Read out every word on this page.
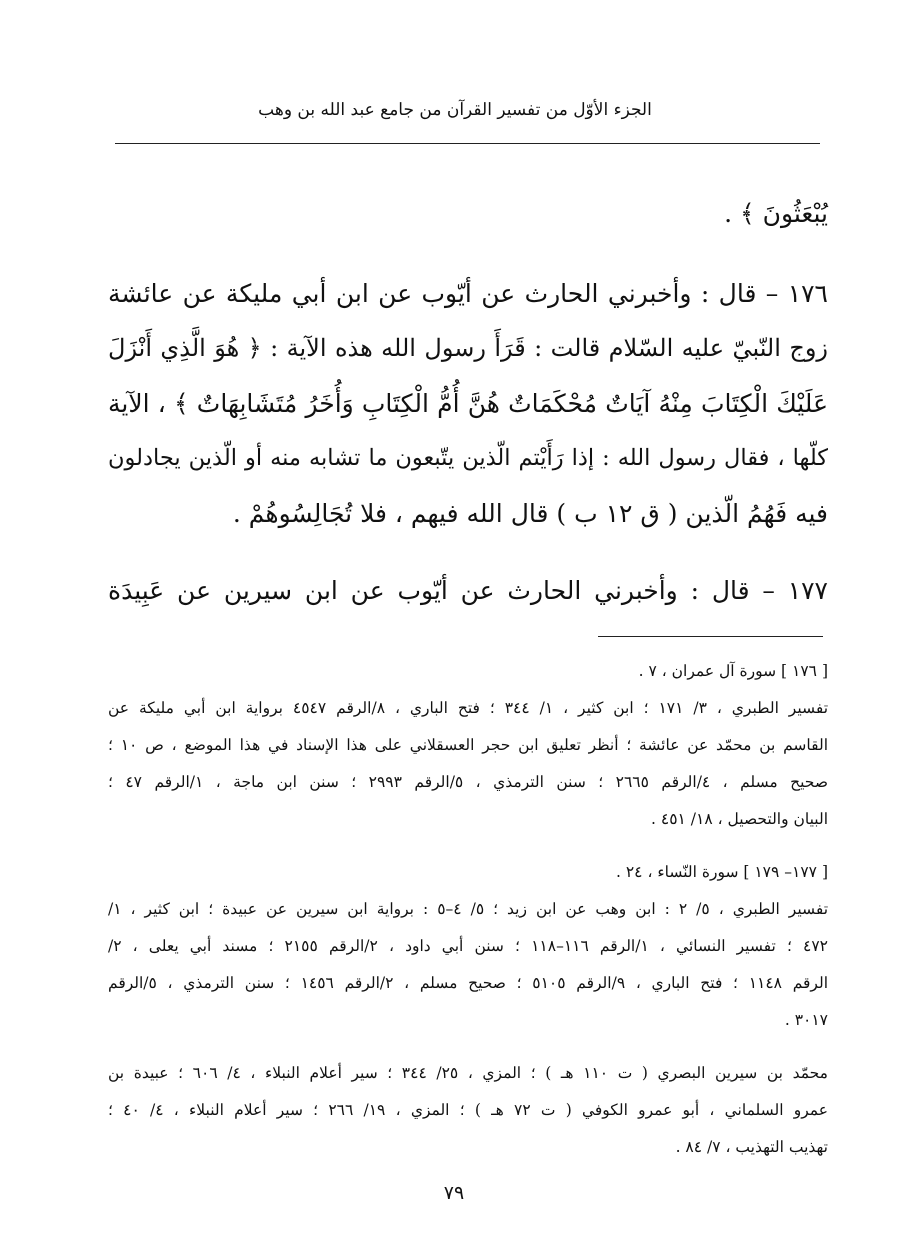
الجزء الأوّل من تفسير القرآن من جامع عبد الله بن وهب
يُبْعَثُونَ ﴾ .
١٧٦ – قال : وأخبرني الحارث عن أيّوب عن ابن أبي مليكة عن عائشة
زوج النّبيّ عليه السّلام قالت : قَرَأَ رسول الله هذه الآية : ﴿ هُوَ الَّذِي أَنْزَلَ
عَلَيْكَ الْكِتَابَ مِنْهُ آيَاتٌ مُحْكَمَاتٌ هُنَّ أُمُّ الْكِتَابِ وَأُخَرُ مُتَشَابِهَاتٌ ﴾ ، الآية
كلّها ، فقال رسول الله : إذا رَأَيْتم الّذين يتّبعون ما تشابه منه أو الّذين يجادلون
فيه فَهُمُ الّذين ( ق ١٢ ب ) قال الله فيهم ، فلا تُجَالِسُوهُمْ .
١٧٧ – قال : وأخبرني الحارث عن أيّوب عن ابن سيرين عن عَبِيدَة
[ ١٧٦ ] سورة آل عمران ، ٧ .
تفسير الطبري ، ٣/ ١٧١ ؛ ابن كثير ، ١/ ٣٤٤ ؛ فتح الباري ، ٨/الرقم ٤٥٤٧ برواية ابن أبي مليكة عن
القاسم بن محمّد عن عائشة ؛ أنظر تعليق ابن حجر العسقلاني على هذا الإسناد في هذا الموضع ، ص ١٠ ؛
صحيح مسلم ، ٤/الرقم ٢٦٦٥ ؛ سنن الترمذي ، ٥/الرقم ٢٩٩٣ ؛ سنن ابن ماجة ، ١/الرقم ٤٧ ؛
البيان والتحصيل ، ١٨/ ٤٥١ .
[ ١٧٧– ١٧٩ ] سورة النّساء ، ٢٤ .
تفسير الطبري ، ٥/ ٢ : ابن وهب عن ابن زيد ؛ ٥/ ٤–٥ : برواية ابن سيرين عن عبيدة ؛ ابن كثير ، ١/
٤٧٢ ؛ تفسير النسائي ، ١/الرقم ١١٦–١١٨ ؛ سنن أبي داود ، ٢/الرقم ٢١٥٥ ؛ مسند أبي يعلى ، ٢/
الرقم ١١٤٨ ؛ فتح الباري ، ٩/الرقم ٥١٠٥ ؛ صحيح مسلم ، ٢/الرقم ١٤٥٦ ؛ سنن الترمذي ، ٥/الرقم
٣٠١٧ .
محمّد بن سيرين البصري ( ت ١١٠ هـ ) ؛ المزي ، ٢٥/ ٣٤٤ ؛ سير أعلام النبلاء ، ٤/ ٦٠٦ ؛ عبيدة بن
عمرو السلماني ، أبو عمرو الكوفي ( ت ٧٢ هـ ) ؛ المزي ، ١٩/ ٢٦٦ ؛ سير أعلام النبلاء ، ٤/ ٤٠ ؛
تهذيب التهذيب ، ٧/ ٨٤ .
٧٩
